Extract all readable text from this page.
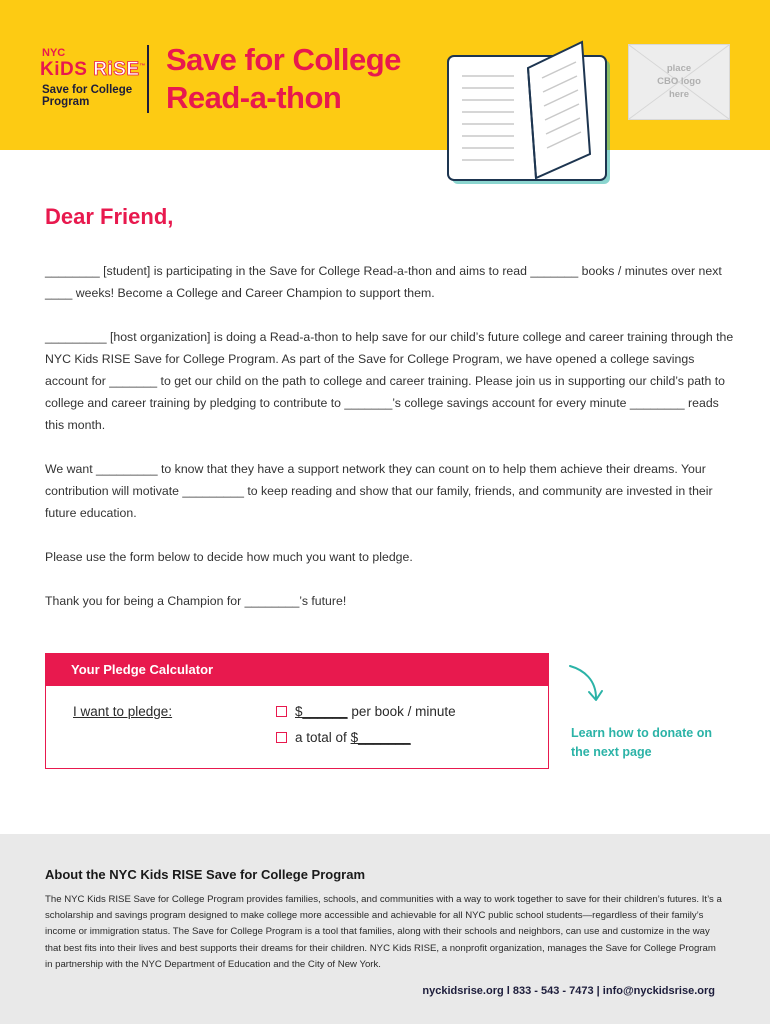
NYC
KiDS RiSE™
Save for College Program
Save for College
Read-a-thon
place
CBO logo
here
Dear Friend,
________ [student] is participating in the Save for College Read-a-thon and aims to read _______ books / minutes over next ____ weeks! Become a College and Career Champion to support them.
_________ [host organization] is doing a Read-a-thon to help save for our child’s future college and career training through the NYC Kids RISE Save for College Program. As part of the Save for College Program, we have opened a college savings account for _______ to get our child on the path to college and career training. Please join us in supporting our child’s path to college and career training by pledging to contribute to _______’s college savings account for every minute ________ reads this month.
We want _________ to know that they have a support network they can count on to help them achieve their dreams. Your contribution will motivate _________ to keep reading and show that our family, friends, and community are invested in their future education.
Please use the form below to decide how much you want to pledge.
Thank you for being a Champion for ________’s future!
Your Pledge Calculator
I want to pledge:	$______
per book / minute
a total of
$_______	Learn how to donate on the next page
About the NYC Kids RISE Save for College Program
The NYC Kids RISE Save for College Program provides families, schools, and communities with a way to work together to save for their children’s futures. It’s a scholarship and savings program designed to make college more accessible and achievable for all NYC public school students—regardless of their family’s income or immigration status. The Save for College Program is a tool that families, along with their schools and neighbors, can use and customize in the way that best fits into their lives and best supports their dreams for their children. NYC Kids RISE, a nonprofit organization, manages the Save for College Program in partnership with the NYC Department of Education and the City of New York.
nyckidsrise.org l 833 - 543 - 7473 | info@nyckidsrise.org
